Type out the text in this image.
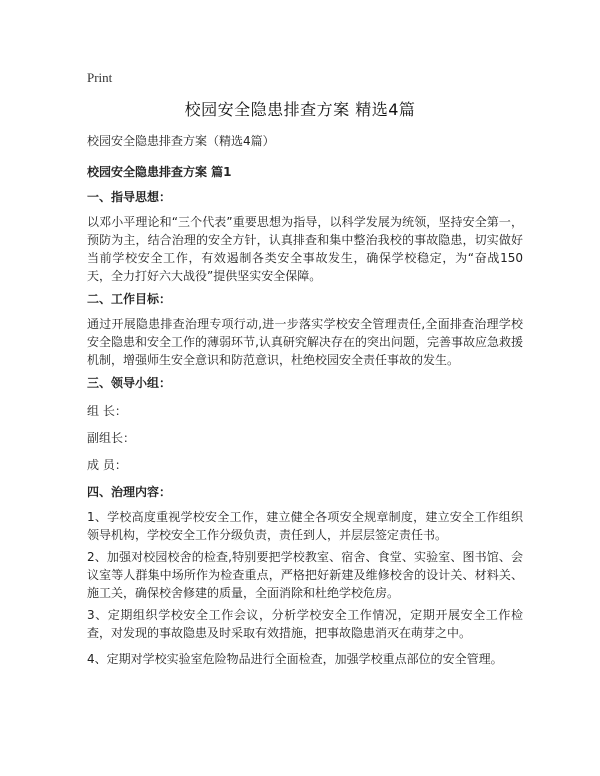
Print
校园安全隐患排查方案 精选4篇

校园安全隐患排查方案（精选4篇）

校园安全隐患排查方案 篇1

一、指导思想：

以邓小平理论和“三个代表”重要思想为指导，以科学发展为统领，坚持安全第一，预防为主，结合治理的安全方针，认真排查和集中整治我校的事故隐患，切实做好当前学校安全工作，有效遏制各类安全事故发生，确保学校稳定，为“奋战150天，全力打好六大战役”提供坚实安全保障。

二、工作目标：

通过开展隐患排查治理专项行动,进一步落实学校安全管理责任,全面排查治理学校安全隐患和安全工作的薄弱环节,认真研究解决存在的突出问题，完善事故应急救援机制，增强师生安全意识和防范意识，杜绝校园安全责任事故的发生。

三、领导小组：

组 长：

副组长：

成 员：

四、治理内容：

1、学校高度重视学校安全工作，建立健全各项安全规章制度，建立安全工作组织领导机构，学校安全工作分级负责，责任到人，并层层签定责任书。

2、加强对校园校舍的检查,特别要把学校教室、宿舍、食堂、实验室、图书馆、会议室等人群集中场所作为检查重点，严格把好新建及维修校舍的设计关、材料关、施工关，确保校舍修建的质量，全面消除和杜绝学校危房。

3、定期组织学校安全工作会议，分析学校安全工作情况，定期开展安全工作检查，对发现的事故隐患及时采取有效措施，把事故隐患消灭在萌芽之中。

4、定期对学校实验室危险物品进行全面检查，加强学校重点部位的安全管理。
